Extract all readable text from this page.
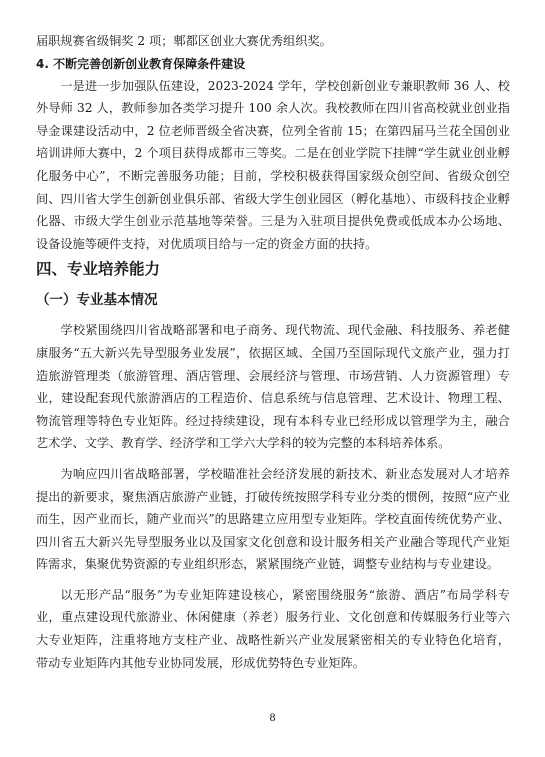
届职规赛省级铜奖 2 项；郫都区创业大赛优秀组织奖。

4. 不断完善创新创业教育保障条件建设

一是进一步加强队伍建设，2023-2024 学年，学校创新创业专兼职教师 36 人、校外导师 32 人，教师参加各类学习提升 100 余人次。我校教师在四川省高校就业创业指导金课建设活动中，2 位老师晋级全省决赛，位列全省前 15；在第四届马兰花全国创业培训讲师大赛中，2 个项目获得成都市三等奖。二是在创业学院下挂牌“学生就业创业孵化服务中心”，不断完善服务功能；目前，学校积极获得国家级众创空间、省级众创空间、四川省大学生创新创业俱乐部、省级大学生创业园区（孵化基地）、市级科技企业孵化器、市级大学生创业示范基地等荣誉。三是为入驻项目提供免费或低成本办公场地、设备设施等硬件支持，对优质项目给与一定的资金方面的扶持。

四、专业培养能力
（一）专业基本情况

学校紧围绕四川省战略部署和电子商务、现代物流、现代金融、科技服务、养老健康服务“五大新兴先导型服务业发展”，依据区域、全国乃至国际现代文旅产业，强力打造旅游管理类（旅游管理、酒店管理、会展经济与管理、市场营销、人力资源管理）专业，建设配套现代旅游酒店的工程造价、信息系统与信息管理、艺术设计、物理工程、物流管理等特色专业矩阵。经过持续建设，现有本科专业已经形成以管理学为主，融合艺术学、文学、教育学、经济学和工学六大学科的较为完整的本科培养体系。

为响应四川省战略部署，学校瞄准社会经济发展的新技术、新业态发展对人才培养提出的新要求，聚焦酒店旅游产业链，打破传统按照学科专业分类的惯例，按照“应产业而生，因产业而长，随产业而兴”的思路建立应用型专业矩阵。学校直面传统优势产业、四川省五大新兴先导型服务业以及国家文化创意和设计服务相关产业融合等现代产业矩阵需求，集聚优势资源的专业组织形态，紧紧围绕产业链，调整专业结构与专业建设。

以无形产品“服务”为专业矩阵建设核心，紧密围绕服务“旅游、酒店”布局学科专业，重点建设现代旅游业、休闲健康（养老）服务行业、文化创意和传媒服务行业等六大专业矩阵，注重将地方支柱产业、战略性新兴产业发展紧密相关的专业特色化培育，带动专业矩阵内其他专业协同发展，形成优势特色专业矩阵。

8
